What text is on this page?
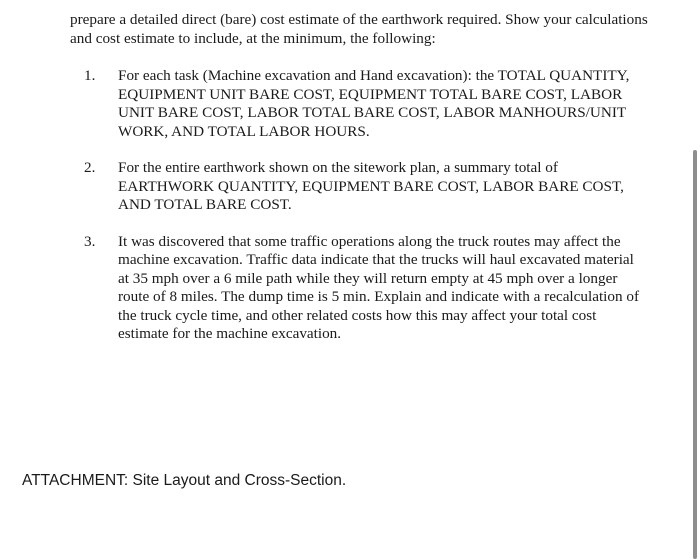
prepare a detailed direct (bare) cost estimate of the earthwork required. Show your calculations and cost estimate to include, at the minimum, the following:

1. For each task (Machine excavation and Hand excavation): the TOTAL QUANTITY, EQUIPMENT UNIT BARE COST, EQUIPMENT TOTAL BARE COST, LABOR UNIT BARE COST, LABOR TOTAL BARE COST, LABOR MANHOURS/UNIT WORK, AND TOTAL LABOR HOURS.
2. For the entire earthwork shown on the sitework plan, a summary total of EARTHWORK QUANTITY, EQUIPMENT BARE COST, LABOR BARE COST, AND TOTAL BARE COST.
3. It was discovered that some traffic operations along the truck routes may affect the machine excavation. Traffic data indicate that the trucks will haul excavated material at 35 mph over a 6 mile path while they will return empty at 45 mph over a longer route of 8 miles. The dump time is 5 min. Explain and indicate with a recalculation of the truck cycle time, and other related costs how this may affect your total cost estimate for the machine excavation.

ATTACHMENT: Site Layout and Cross-Section.
